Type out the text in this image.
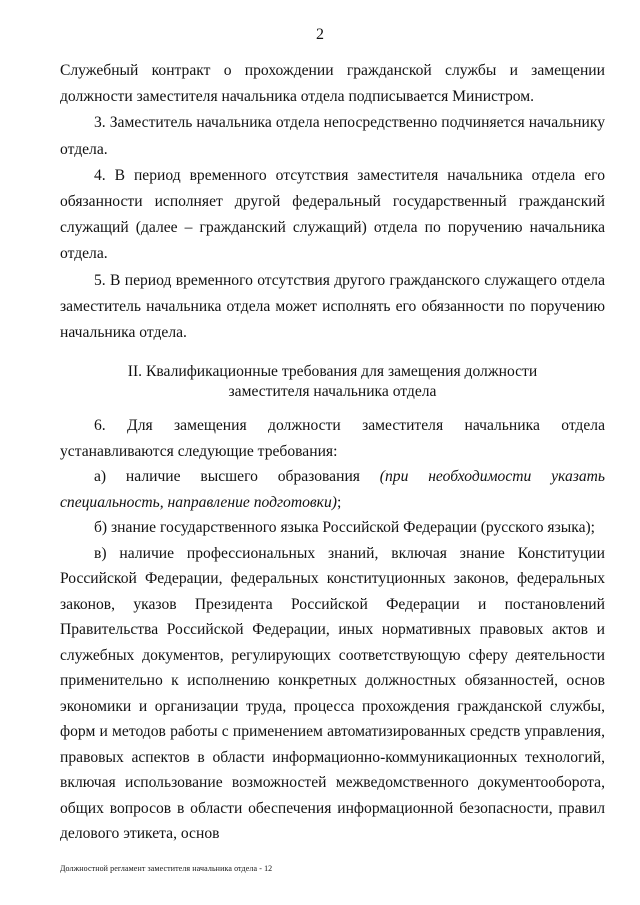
2

Служебный контракт о прохождении гражданской службы и замещении должности заместителя начальника отдела подписывается Министром.

3. Заместитель начальника отдела непосредственно подчиняется начальнику отдела.

4. В период временного отсутствия заместителя начальника отдела его обязанности исполняет другой федеральный государственный гражданский служащий (далее – гражданский служащий) отдела по поручению начальника отдела.

5. В период временного отсутствия другого гражданского служащего отдела заместитель начальника отдела может исполнять его обязанности по поручению начальника отдела.

II. Квалификационные требования для замещения должности

заместителя начальника отдела

6. Для замещения должности заместителя начальника отдела устанавливаются следующие требования:

а) наличие высшего образования (при необходимости указать специальность, направление подготовки);

б) знание государственного языка Российской Федерации (русского языка);

в) наличие профессиональных знаний, включая знание Конституции Российской Федерации, федеральных конституционных законов, федеральных законов, указов Президента Российской Федерации и постановлений Правительства Российской Федерации, иных нормативных правовых актов и служебных документов, регулирующих соответствующую сферу деятельности применительно к исполнению конкретных должностных обязанностей, основ экономики и организации труда, процесса прохождения гражданской службы, форм и методов работы с применением автоматизированных средств управления, правовых аспектов в области информационно-коммуникационных технологий, включая использование возможностей межведомственного документооборота, общих вопросов в области обеспечения информационной безопасности, правил делового этикета, основ

Должностной регламент заместителя начальника отдела - 12
